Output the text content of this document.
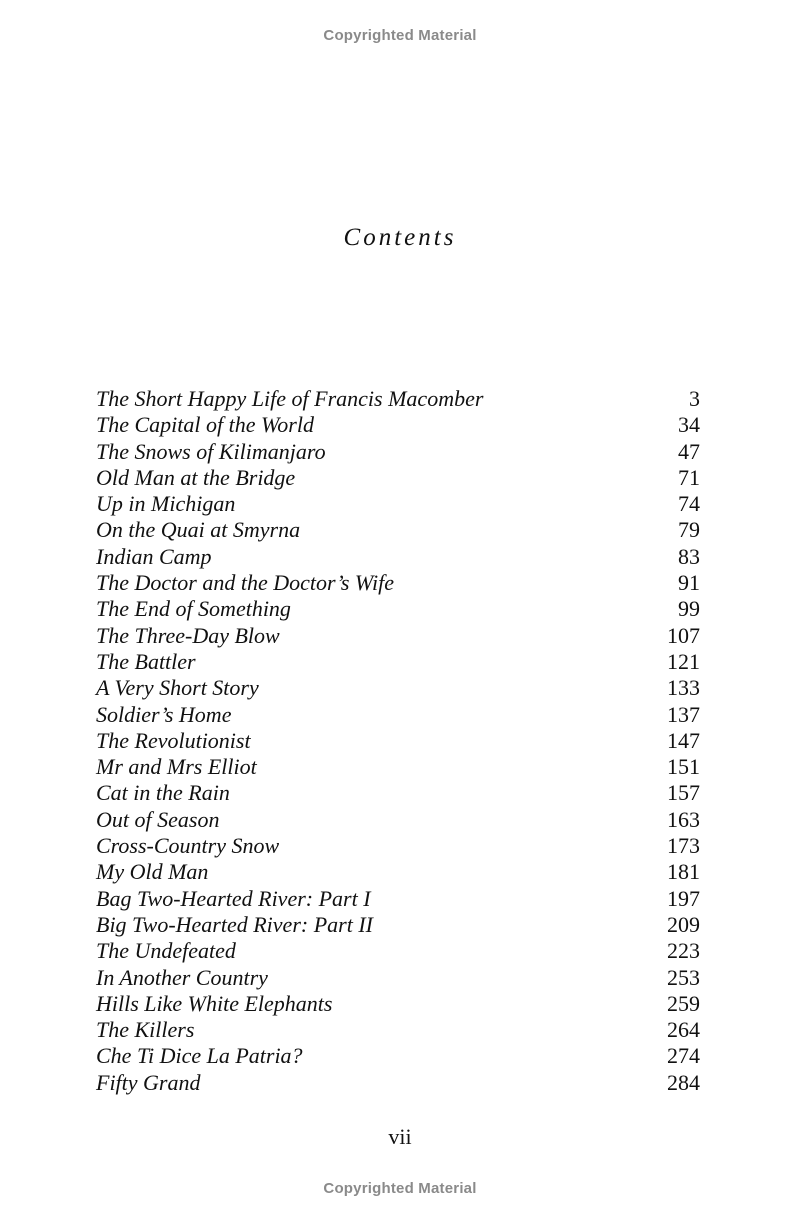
Copyrighted Material
Contents
The Short Happy Life of Francis Macomber	3
The Capital of the World	34
The Snows of Kilimanjaro	47
Old Man at the Bridge	71
Up in Michigan	74
On the Quai at Smyrna	79
Indian Camp	83
The Doctor and the Doctor’s Wife	91
The End of Something	99
The Three-Day Blow	107
The Battler	121
A Very Short Story	133
Soldier’s Home	137
The Revolutionist	147
Mr and Mrs Elliot	151
Cat in the Rain	157
Out of Season	163
Cross-Country Snow	173
My Old Man	181
Bag Two-Hearted River: Part I	197
Big Two-Hearted River: Part II	209
The Undefeated	223
In Another Country	253
Hills Like White Elephants	259
The Killers	264
Che Ti Dice La Patria?	274
Fifty Grand	284
vii
Copyrighted Material
